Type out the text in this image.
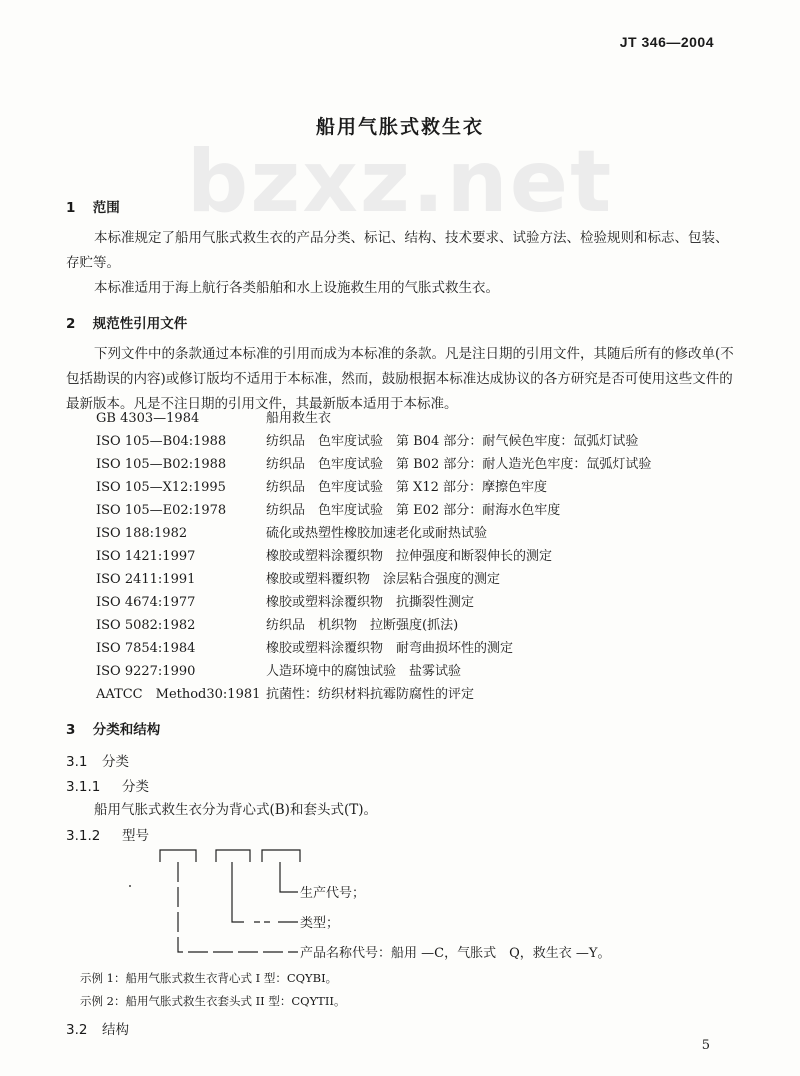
JT 346—2004
bzxz.net
船用气胀式救生衣
1 范围

本标准规定了船用气胀式救生衣的产品分类、标记、结构、技术要求、试验方法、检验规则和标志、包装、存贮等。

本标准适用于海上航行各类船舶和水上设施救生用的气胀式救生衣。

2 规范性引用文件

下列文件中的条款通过本标准的引用而成为本标准的条款。凡是注日期的引用文件，其随后所有的修改单(不包括勘误的内容)或修订版均不适用于本标准，然而，鼓励根据本标准达成协议的各方研究是否可使用这些文件的最新版本。凡是不注日期的引用文件，其最新版本适用于本标准。

GB 4303—1984	船用救生衣
ISO 105—B04:1988	纺织品　色牢度试验　第 B04 部分：耐气候色牢度：氙弧灯试验
ISO 105—B02:1988	纺织品　色牢度试验　第 B02 部分：耐人造光色牢度：氙弧灯试验
ISO 105—X12:1995	纺织品　色牢度试验　第 X12 部分：摩擦色牢度
ISO 105—E02:1978	纺织品　色牢度试验　第 E02 部分：耐海水色牢度
ISO 188:1982	硫化或热塑性橡胶加速老化或耐热试验
ISO 1421:1997	橡胶或塑料涂覆织物　拉伸强度和断裂伸长的测定
ISO 2411:1991	橡胶或塑料覆织物　涂层粘合强度的测定
ISO 4674:1977	橡胶或塑料涂覆织物　抗撕裂性测定
ISO 5082:1982	纺织品　机织物　拉断强度(抓法)
ISO 7854:1984	橡胶或塑料涂覆织物　耐弯曲损坏性的测定
ISO 9227:1990	人造环境中的腐蚀试验　盐雾试验
AATCC　Method30:1981 抗菌性：纺织材料抗霉防腐性的评定
3 分类和结构
3.1 分类
3.1.1 分类
船用气胀式救生衣分为背心式(B)和套头式(T)。
3.1.2 型号
生产代号；
类型；
产品名称代号：船用 —C，气胀式　Q，救生衣 —Y。
示例 1：船用气胀式救生衣背心式 I 型：CQYBI。
示例 2：船用气胀式救生衣套头式 II 型：CQYTII。
3.2 结构
5
